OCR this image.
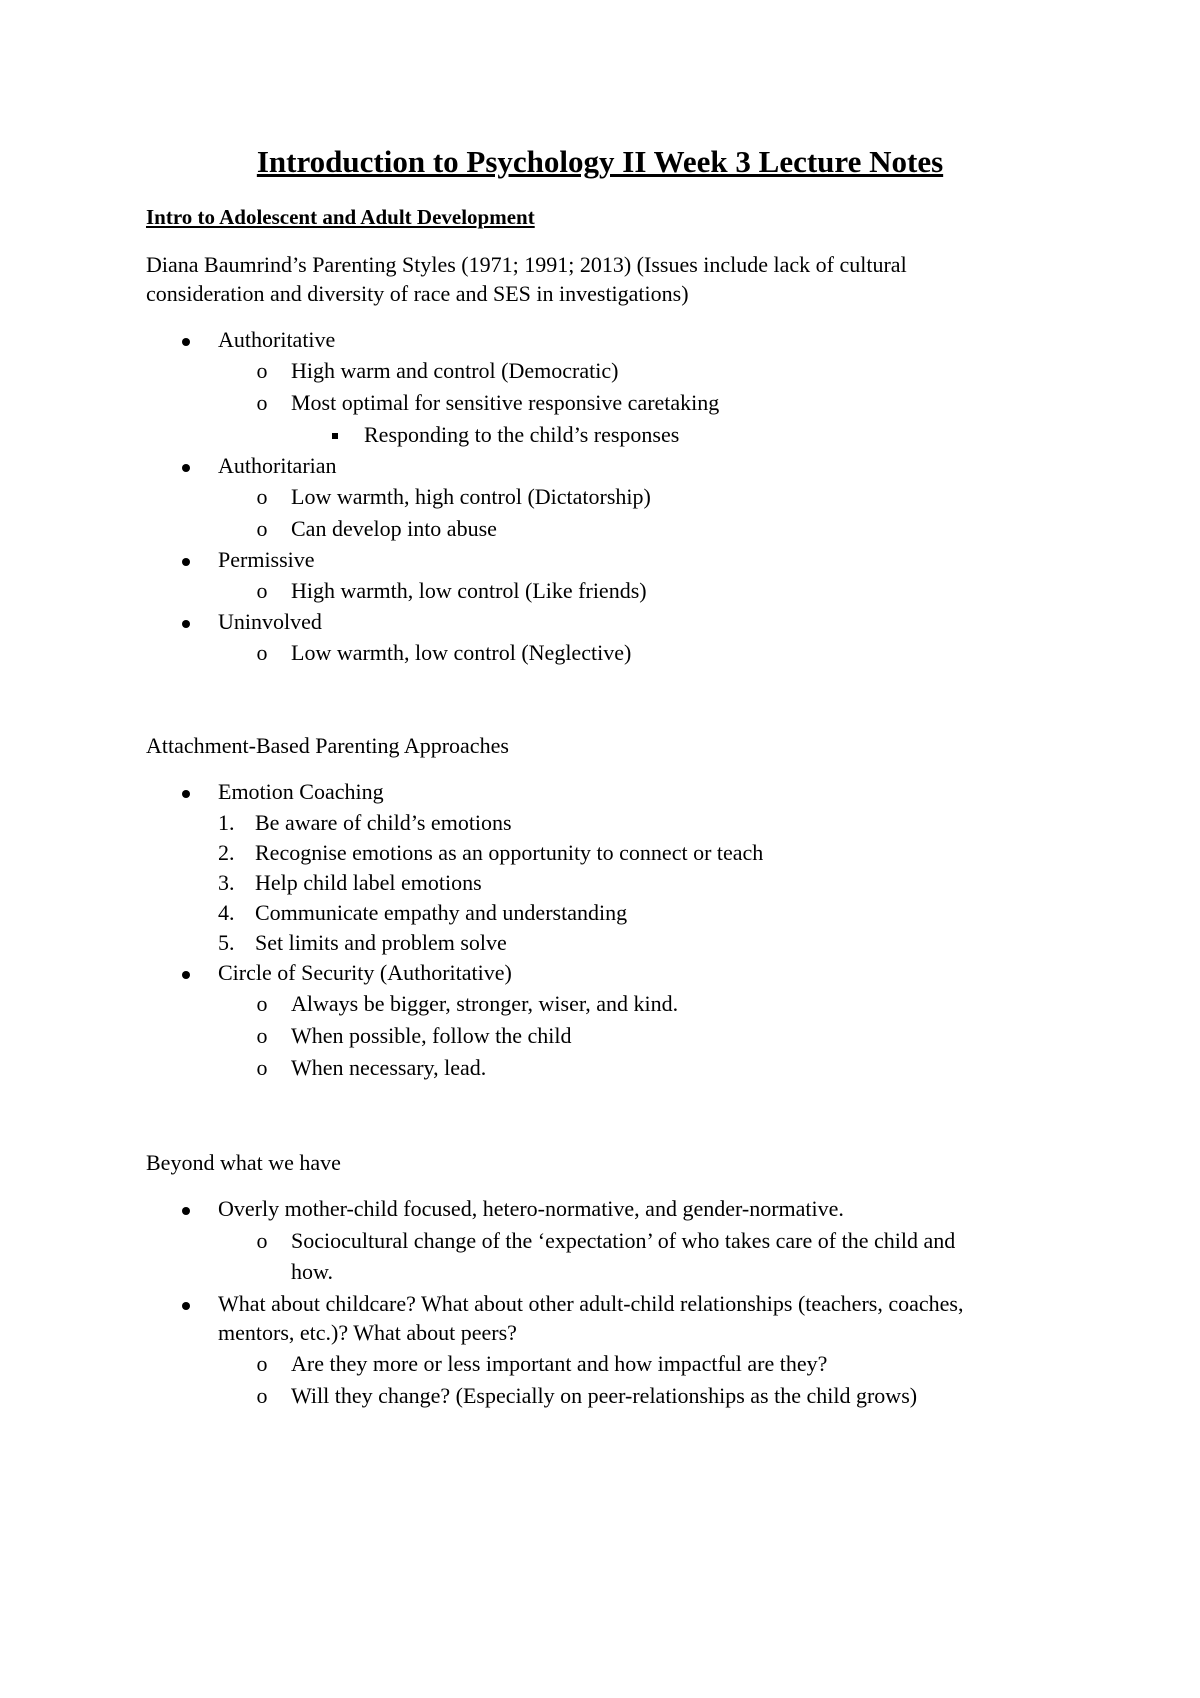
Introduction to Psychology II Week 3 Lecture Notes
Intro to Adolescent and Adult Development

Diana Baumrind’s Parenting Styles (1971; 1991; 2013) (Issues include lack of cultural

consideration and diversity of race and SES in investigations)

Authoritative
o High warm and control (Democratic)
o Most optimal for sensitive responsive caretaking
Responding to the child’s responses
Authoritarian
o Low warmth, high control (Dictatorship)
o Can develop into abuse
Permissive
o High warmth, low control (Like friends)
Uninvolved
o Low warmth, low control (Neglective)

Attachment-Based Parenting Approaches

Emotion Coaching
1. Be aware of child’s emotions
2. Recognise emotions as an opportunity to connect or teach
3. Help child label emotions
4. Communicate empathy and understanding
5. Set limits and problem solve
Circle of Security (Authoritative)
o Always be bigger, stronger, wiser, and kind.
o When possible, follow the child
o When necessary, lead.

Beyond what we have

Overly mother-child focused, hetero-normative, and gender-normative.
o Sociocultural change of the ‘expectation’ of who takes care of the child and
how.
What about childcare? What about other adult-child relationships (teachers, coaches,
mentors, etc.)? What about peers?
o Are they more or less important and how impactful are they?
o Will they change? (Especially on peer-relationships as the child grows)
